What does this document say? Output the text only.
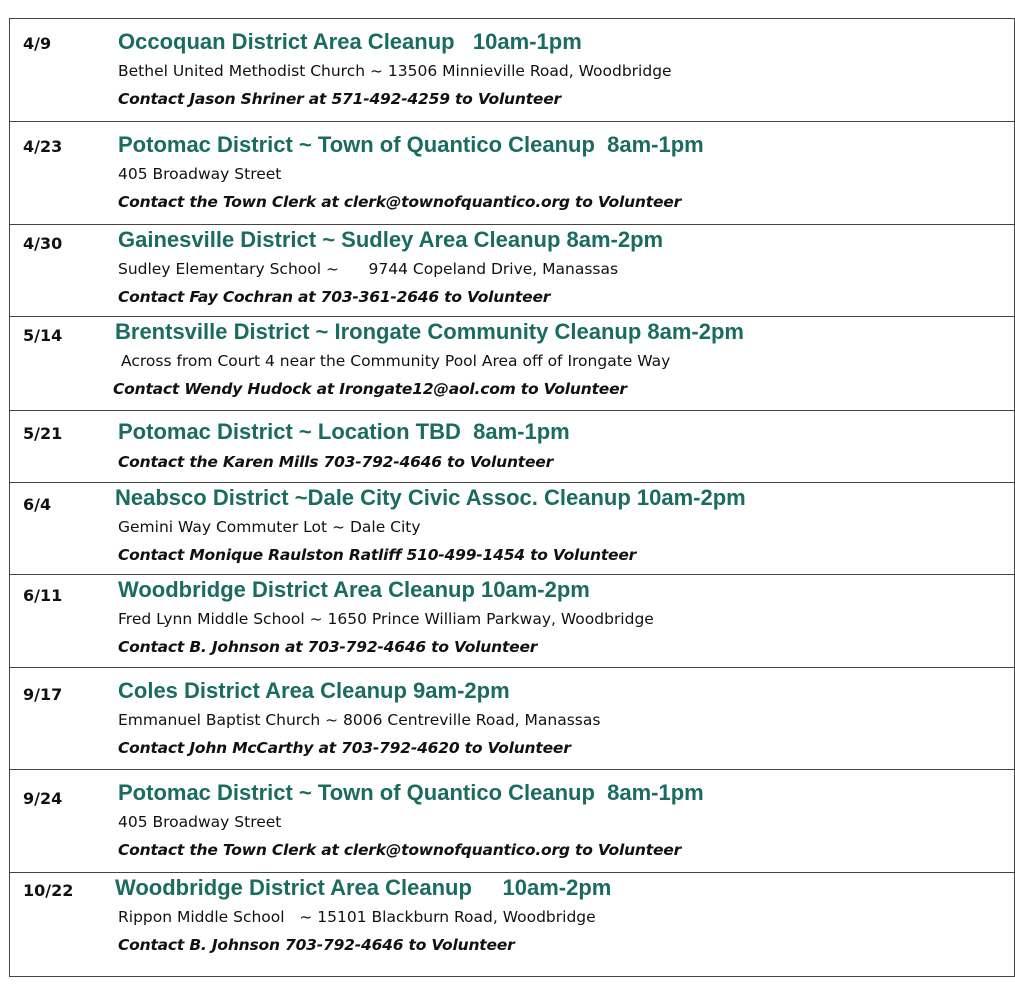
4/9	Occoquan District Area Cleanup   10am-1pm
Bethel United Methodist Church ~ 13506 Minnieville Road, Woodbridge
Contact Jason Shriner at 571-492-4259 to Volunteer
4/23	Potomac District ~ Town of Quantico Cleanup  8am-1pm
405 Broadway Street
Contact the Town Clerk at clerk@townofquantico.org to Volunteer
4/30	Gainesville District ~ Sudley Area Cleanup 8am-2pm
Sudley Elementary School ~      9744 Copeland Drive, Manassas
Contact Fay Cochran at 703-361-2646 to Volunteer
5/14 Brentsville District ~ Irongate Community Cleanup 8am-2pm
Across from Court 4 near the Community Pool Area off of Irongate Way
Contact Wendy Hudock at Irongate12@aol.com to Volunteer
5/21	Potomac District ~ Location TBD  8am-1pm
Contact the Karen Mills 703-792-4646 to Volunteer
6/4	Neabsco District ~Dale City Civic Assoc. Cleanup 10am-2pm
Gemini Way Commuter Lot ~ Dale City
Contact Monique Raulston Ratliff 510-499-1454 to Volunteer
6/11	Woodbridge District Area Cleanup 10am-2pm
Fred Lynn Middle School ~ 1650 Prince William Parkway, Woodbridge
Contact B. Johnson at 703-792-4646 to Volunteer
9/17	Coles District Area Cleanup 9am-2pm
Emmanuel Baptist Church ~ 8006 Centreville Road, Manassas
Contact John McCarthy at 703-792-4620 to Volunteer
9/24	Potomac District ~ Town of Quantico Cleanup  8am-1pm
405 Broadway Street
Contact the Town Clerk at clerk@townofquantico.org to Volunteer
10/22 Woodbridge District Area Cleanup     10am-2pm
Rippon Middle School   ~ 15101 Blackburn Road, Woodbridge
Contact B. Johnson 703-792-4646 to Volunteer
